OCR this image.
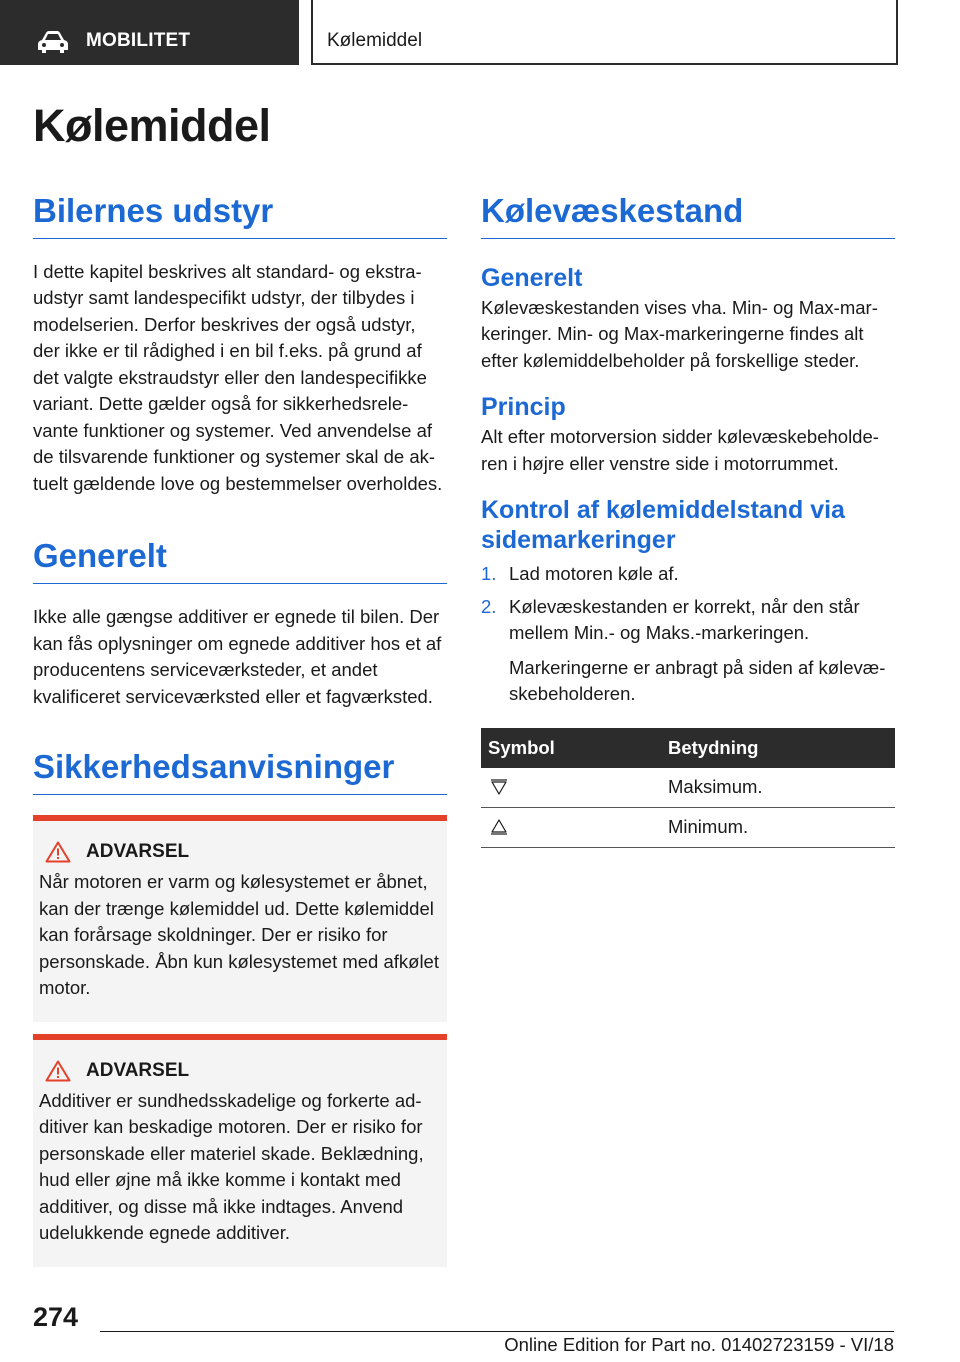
MOBILITET	Kølemiddel
Kølemiddel
Bilernes udstyr

I dette kapitel beskrives alt standard- og ekstraudstyr samt landespecifikt udstyr, der tilbydes i modelserien. Derfor beskrives der også udstyr, der ikke er til rådighed i en bil f.eks. på grund af det valgte ekstraudstyr eller den landespecifikke variant. Dette gælder også for sikkerhedsrelevante funktioner og systemer. Ved anvendelse af de tilsvarende funktioner og systemer skal de aktuelt gældende love og bestemmelser overholdes.

Generelt

Ikke alle gængse additiver er egnede til bilen. Der kan fås oplysninger om egnede additiver hos et af producentens serviceværksteder, et andet kvalificeret serviceværksted eller et fagværksted.

Sikkerhedsanvisninger
ADVARSEL

Når motoren er varm og kølesystemet er åbnet, kan der trænge kølemiddel ud. Dette kølemiddel kan forårsage skoldninger. Der er risiko for personskade. Åbn kun kølesystemet med afkølet motor.

ADVARSEL

Additiver er sundhedsskadelige og forkerte additiver kan beskadige motoren. Der er risiko for personskade eller materiel skade. Beklædning, hud eller øjne må ikke komme i kontakt med additiver, og disse må ikke indtages. Anvend udelukkende egnede additiver.

Kølevæskestand
Generelt

Kølevæskestanden vises vha. Min- og Max-markeringer. Min- og Max-markeringerne findes alt efter kølemiddelbeholder på forskellige steder.

Princip

Alt efter motorversion sidder kølevæskebeholderen i højre eller venstre side i motorrummet.

Kontrol af kølemiddelstand via sidemarkeringer
1. Lad motoren køle af.
2. Kølevæskestanden er korrekt, når den står mellem Min.- og Maks.-markeringen.

Markeringerne er anbragt på siden af kølevæskebeholderen.

Symbol	Betydning

	Maksimum.

	Minimum.
274
Online Edition for Part no. 01402723159 - VI/18
